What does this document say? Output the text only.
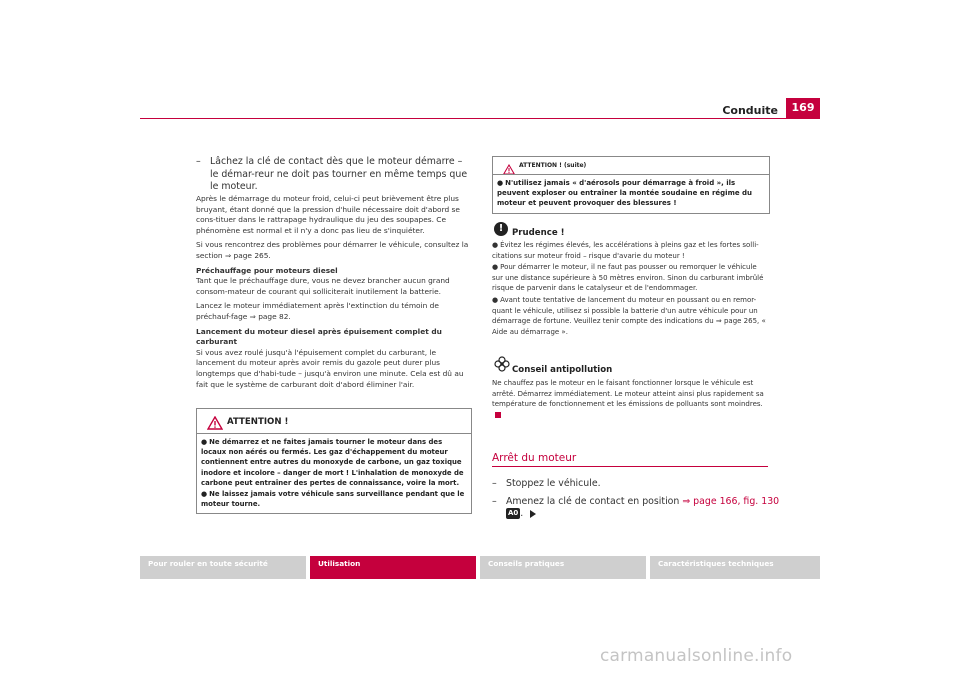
Conduite	169
– Lâchez la clé de contact dès que le moteur démarre – le démar-reur ne doit pas tourner en même temps que le moteur.

Après le démarrage du moteur froid, celui-ci peut brièvement être plus bruyant, étant donné que la pression d'huile nécessaire doit d'abord se cons-tituer dans le rattrapage hydraulique du jeu des soupapes. Ce phénomène est normal et il n'y a donc pas lieu de s'inquiéter.

Si vous rencontrez des problèmes pour démarrer le véhicule, consultez la section ⇒ page 265.

Préchauffage pour moteurs diesel

Tant que le préchauffage dure, vous ne devez brancher aucun grand consom-mateur de courant qui solliciterait inutilement la batterie.

Lancez le moteur immédiatement après l'extinction du témoin de préchauf-fage ⇒ page 82.

Lancement du moteur diesel après épuisement complet du carburant

Si vous avez roulé jusqu'à l'épuisement complet du carburant, le lancement du moteur après avoir remis du gazole peut durer plus longtemps que d'habi-tude – jusqu'à environ une minute. Cela est dû au fait que le système de carburant doit d'abord éliminer l'air.

ATTENTION !

● Ne démarrez et ne faites jamais tourner le moteur dans des locaux non aérés ou fermés. Les gaz d'échappement du moteur contiennent entre autres du monoxyde de carbone, un gaz toxique inodore et incolore – danger de mort ! L'inhalation de monoxyde de carbone peut entraîner des pertes de connaissance, voire la mort.

● Ne laissez jamais votre véhicule sans surveillance pendant que le moteur tourne.

ATTENTION ! (suite)
● N'utilisez jamais « d'aérosols pour démarrage à froid », ils peuvent exploser ou entraîner la montée soudaine en régime du moteur et peuvent provoquer des blessures !
!	Prudence !

● Évitez les régimes élevés, les accélérations à pleins gaz et les fortes solli-citations sur moteur froid – risque d'avarie du moteur !

● Pour démarrer le moteur, il ne faut pas pousser ou remorquer le véhicule sur une distance supérieure à 50 mètres environ. Sinon du carburant imbrûlé risque de parvenir dans le catalyseur et de l'endommager.

● Avant toute tentative de lancement du moteur en poussant ou en remor-quant le véhicule, utilisez si possible la batterie d'un autre véhicule pour un démarrage de fortune. Veuillez tenir compte des indications du ⇒ page 265, « Aide au démarrage ».

Conseil antipollution
Ne chauffez pas le moteur en le faisant fonctionner lorsque le véhicule est arrêté. Démarrez immédiatement. Le moteur atteint ainsi plus rapidement sa température de fonctionnement et les émissions de polluants sont moindres.
Arrêt du moteur
– Stoppez le véhicule.
– Amenez la clé de contact en position ⇒ page 166, fig. 130 A0 .
Pour rouler en toute sécurité	Utilisation	Conseils pratiques	Caractéristiques techniques
carmanualsonline.info
